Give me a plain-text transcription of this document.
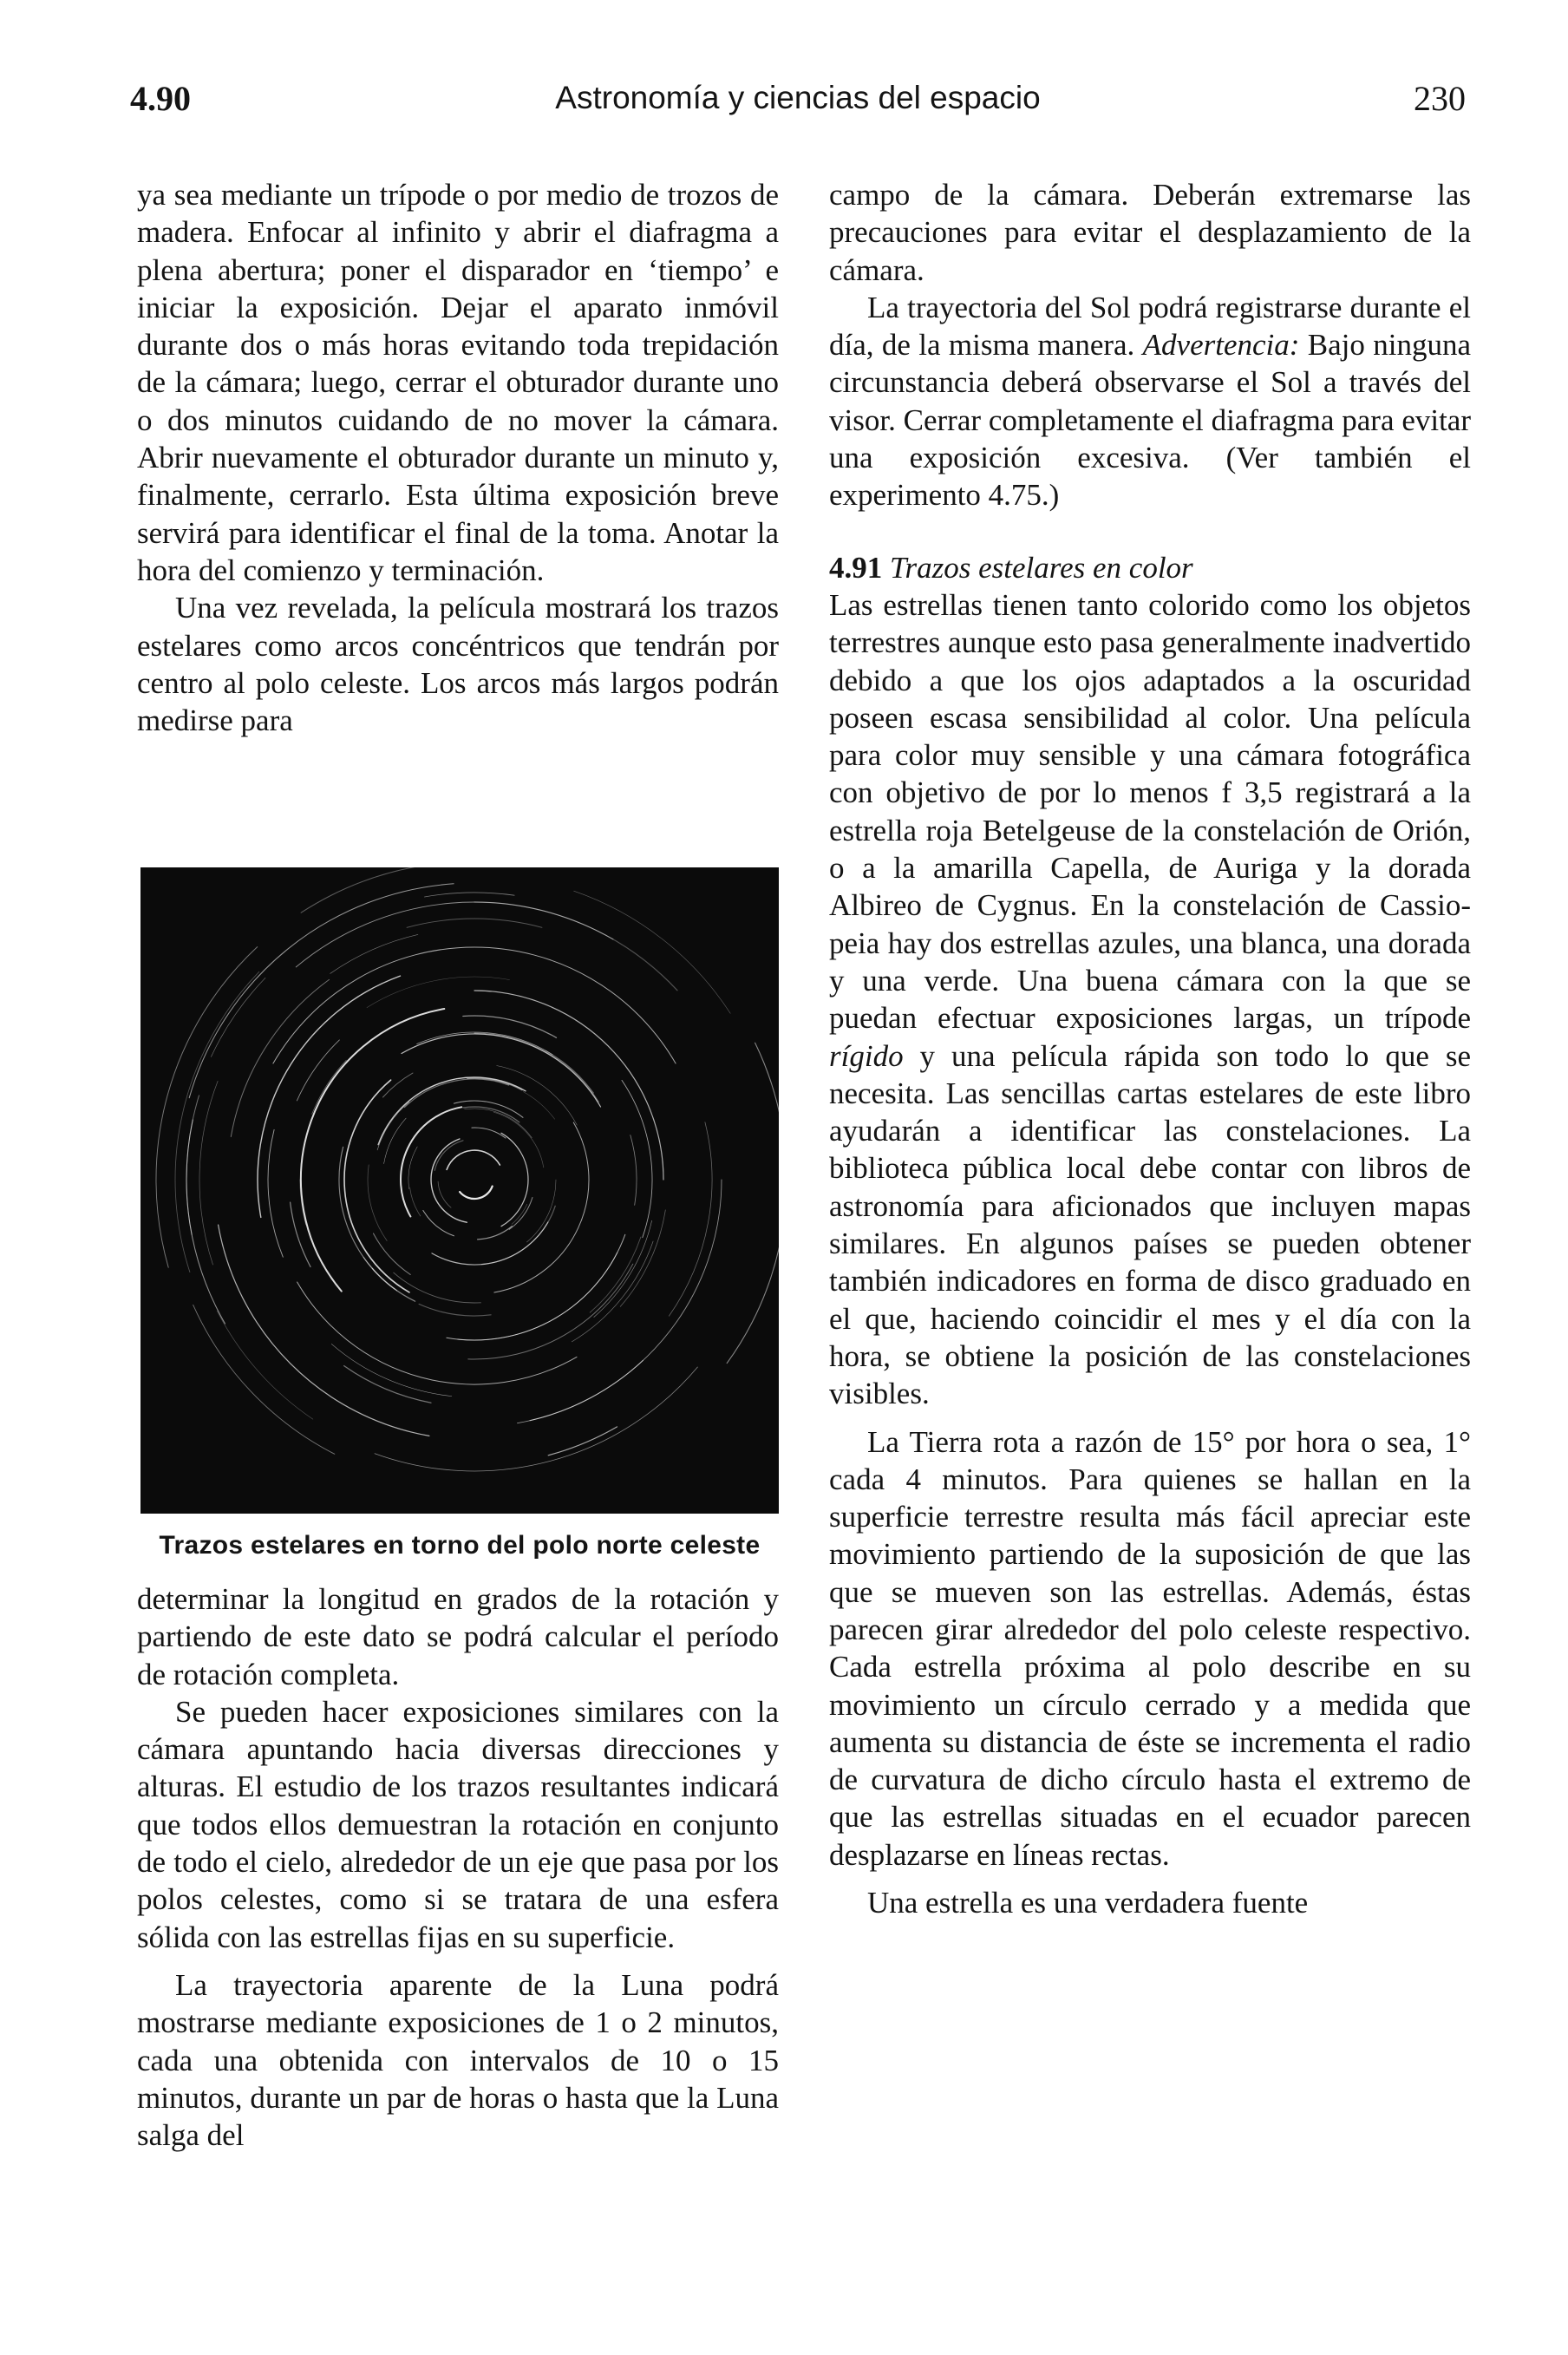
4.90	Astronomía y ciencias del espacio	230

ya sea mediante un trípode o por medio de trozos de madera. Enfocar al infinito y abrir el diafragma a plena abertura; poner el disparador en ‘tiempo’ e iniciar la exposición. Dejar el aparato inmóvil durante dos o más horas evitando toda trepidación de la cámara; luego, cerrar el obturador durante uno o dos minutos cuidando de no mover la cámara. Abrir nuevamente el obturador durante un minuto y, finalmente, cerrarlo. Esta última exposición breve servirá para identificar el final de la toma. Anotar la hora del comienzo y terminación.

Una vez revelada, la película mostrará los trazos estelares como arcos concéntricos que tendrán por centro al polo celeste. Los arcos más largos podrán medirse para

Trazos estelares en torno del polo norte celeste

determinar la longitud en grados de la rotación y partiendo de este dato se podrá calcular el período de rotación completa.

Se pueden hacer exposiciones similares con la cámara apuntando hacia diversas direcciones y alturas. El estudio de los trazos resultantes indicará que todos ellos demuestran la rotación en conjunto de todo el cielo, alrededor de un eje que pasa por los polos celestes, como si se tratara de una esfera sólida con las estrellas fijas en su superficie.

La trayectoria aparente de la Luna podrá mostrarse mediante exposiciones de 1 o 2 minutos, cada una obtenida con intervalos de 10 o 15 minutos, durante un par de horas o hasta que la Luna salga del

campo de la cámara. Deberán extremarse las precauciones para evitar el desplazamiento de la cámara.

La trayectoria del Sol podrá registrarse durante el día, de la misma manera. Advertencia: Bajo ninguna circunstancia deberá observarse el Sol a través del visor. Cerrar completamente el diafragma para evitar una exposición excesiva. (Ver también el experimento 4.75.)

4.91 Trazos estelares en color

Las estrellas tienen tanto colorido como los objetos terrestres aunque esto pasa generalmente inadvertido debido a que los ojos adaptados a la oscuridad poseen escasa sensibilidad al color. Una película para color muy sensible y una cámara fotográfica con objetivo de por lo menos f 3,5 registrará a la estrella roja Betelgeuse de la constelación de Orión, o a la amarilla Capella, de Auriga y la dorada Albireo de Cygnus. En la constelación de Cassiopeia hay dos estrellas azules, una blanca, una dorada y una verde. Una buena cámara con la que se puedan efectuar exposiciones largas, un trípode rígido y una película rápida son todo lo que se necesita. Las sencillas cartas estelares de este libro ayudarán a identificar las constelaciones. La biblioteca pública local debe contar con libros de astronomía para aficionados que incluyen mapas similares. En algunos países se pueden obtener también indicadores en forma de disco graduado en el que, haciendo coincidir el mes y el día con la hora, se obtiene la posición de las constelaciones visibles.

La Tierra rota a razón de 15° por hora o sea, 1° cada 4 minutos. Para quienes se hallan en la superficie terrestre resulta más fácil apreciar este movimiento partiendo de la suposición de que las que se mueven son las estrellas. Además, éstas parecen girar alrededor del polo celeste respectivo. Cada estrella próxima al polo describe en su movimiento un círculo cerrado y a medida que aumenta su distancia de éste se incrementa el radio de curvatura de dicho círculo hasta el extremo de que las estrellas situadas en el ecuador parecen desplazarse en líneas rectas.

Una estrella es una verdadera fuente
